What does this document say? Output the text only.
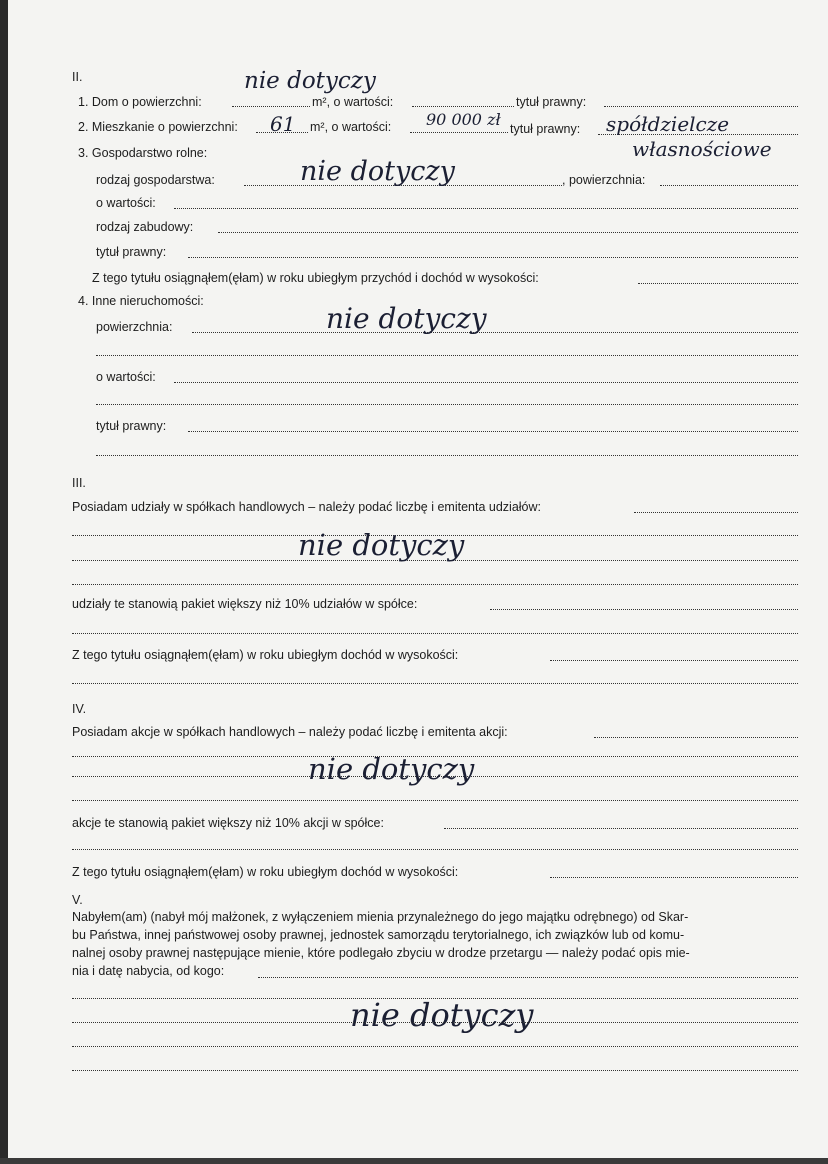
II.	nie dotyczy
1. Dom o powierzchni:	m², o wartości:	tytuł prawny:
2. Mieszkanie o powierzchni: 61 m², o wartości: 90 000 zł tytuł prawny: spółdzielcze
własnościowe
3. Gospodarstwo rolne:
rodzaj gospodarstwa:	nie dotyczy	, powierzchnia:
o wartości:
rodzaj zabudowy:
tytuł prawny:
Z tego tytułu osiągnąłem(ęłam) w roku ubiegłym przychód i dochód w wysokości:
4. Inne nieruchomości:
powierzchnia:	nie dotyczy
o wartości:
tytuł prawny:
III.
Posiadam udziały w spółkach handlowych – należy podać liczbę i emitenta udziałów:
nie dotyczy
udziały te stanowią pakiet większy niż 10% udziałów w spółce:
Z tego tytułu osiągnąłem(ęłam) w roku ubiegłym dochód w wysokości:
IV.
Posiadam akcje w spółkach handlowych – należy podać liczbę i emitenta akcji:
nie dotyczy
akcje te stanowią pakiet większy niż 10% akcji w spółce:
Z tego tytułu osiągnąłem(ęłam) w roku ubiegłym dochód w wysokości:
V.
Nabyłem(am) (nabył mój małżonek, z wyłączeniem mienia przynależnego do jego majątku odrębnego) od Skar-
bu Państwa, innej państwowej osoby prawnej, jednostek samorządu terytorialnego, ich związków lub od komu-
nalnej osoby prawnej następujące mienie, które podlegało zbyciu w drodze przetargu — należy podać opis mie-
nia i datę nabycia, od kogo:
nie dotyczy
